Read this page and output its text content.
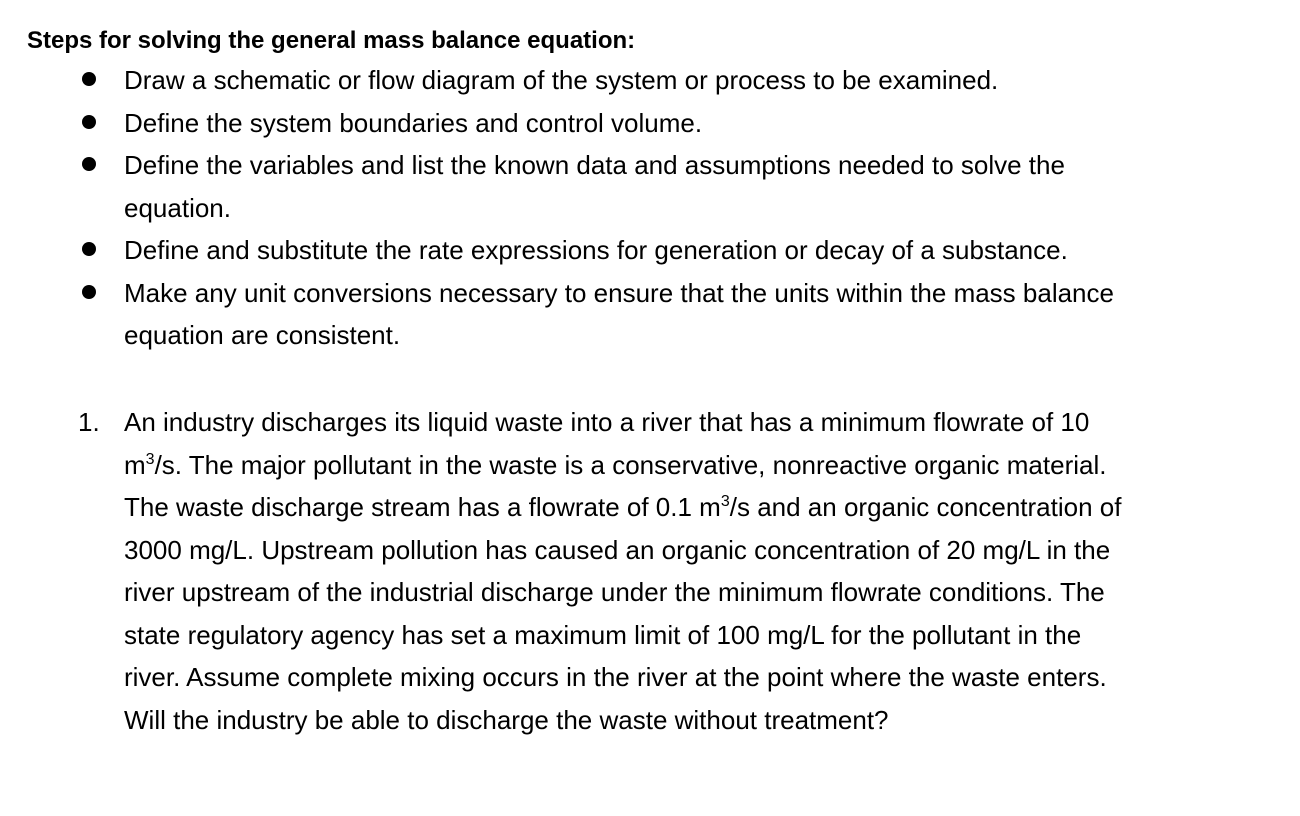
Steps for solving the general mass balance equation:

Draw a schematic or flow diagram of the system or process to be examined.
Define the system boundaries and control volume.
Define the variables and list the known data and assumptions needed to solve the
equation.
Define and substitute the rate expressions for generation or decay of a substance.
Make any unit conversions necessary to ensure that the units within the mass balance
equation are consistent.
1. An industry discharges its liquid waste into a river that has a minimum flowrate of 10
$m^3/s$. The major pollutant in the waste is a conservative, nonreactive organic material.
The waste discharge stream has a flowrate of 0.1 $m^3/s$ and an organic concentration of
3000 mg/L. Upstream pollution has caused an organic concentration of 20 mg/L in the
river upstream of the industrial discharge under the minimum flowrate conditions. The
state regulatory agency has set a maximum limit of 100 mg/L for the pollutant in the
river. Assume complete mixing occurs in the river at the point where the waste enters.
Will the industry be able to discharge the waste without treatment?
